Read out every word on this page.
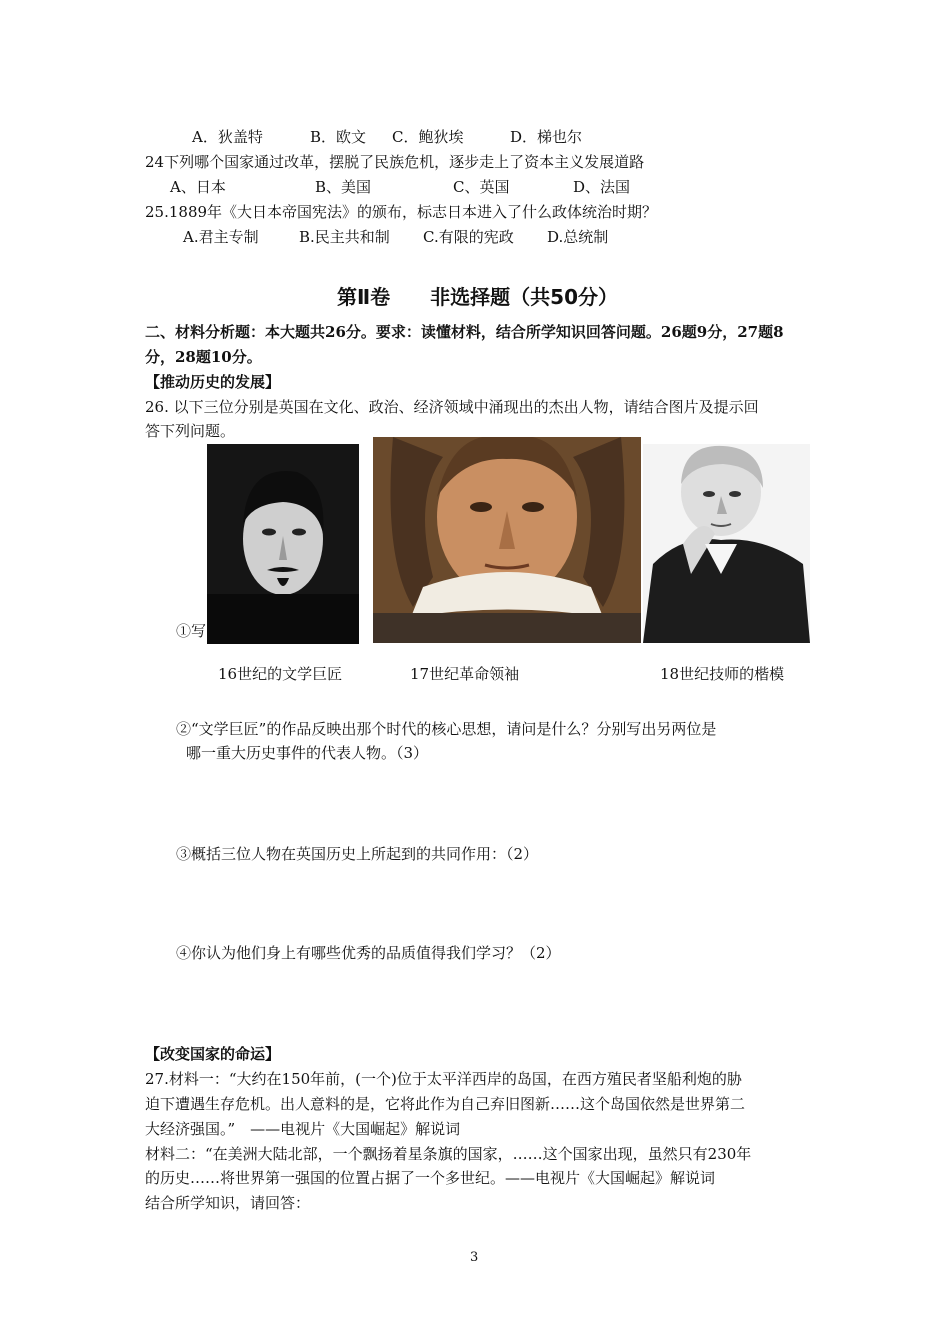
A．狄盖特	B．欧文 C．鲍狄埃	D．梯也尔
24下列哪个国家通过改革，摆脱了民族危机，逐步走上了资本主义发展道路
A、日本	B、美国	C、英国	D、法国
25.1889年《大日本帝国宪法》的颁布，标志日本进入了什么政体统治时期？
A.君主专制	B.民主共和制 C.有限的宪政 D.总统制
第Ⅱ卷　　非选择题（共50分）
二、材料分析题：本大题共26分。要求：读懂材料，结合所学知识回答问题。26题9分，27题8
分，28题10分。
【推动历史的发展】
26. 以下三位分别是英国在文化、政治、经济领域中涌现出的杰出人物，请结合图片及提示回
答下列问题。
①写
16世纪的文学巨匠	17世纪革命领袖	18世纪技师的楷模
②“文学巨匠”的作品反映出那个时代的核心思想，请问是什么？分别写出另两位是
哪一重大历史事件的代表人物。（3）
③概括三位人物在英国历史上所起到的共同作用：（2）
④你认为他们身上有哪些优秀的品质值得我们学习？（2）
【改变国家的命运】
27.材料一：“大约在150年前，(一个)位于太平洋西岸的岛国，在西方殖民者坚船利炮的胁
迫下遭遇生存危机。出人意料的是，它将此作为自己弃旧图新……这个岛国依然是世界第二
大经济强国。”　——电视片《大国崛起》解说词
材料二：“在美洲大陆北部，一个飘扬着星条旗的国家，……这个国家出现，虽然只有230年
的历史……将世界第一强国的位置占据了一个多世纪。——电视片《大国崛起》解说词
结合所学知识，请回答：
3
